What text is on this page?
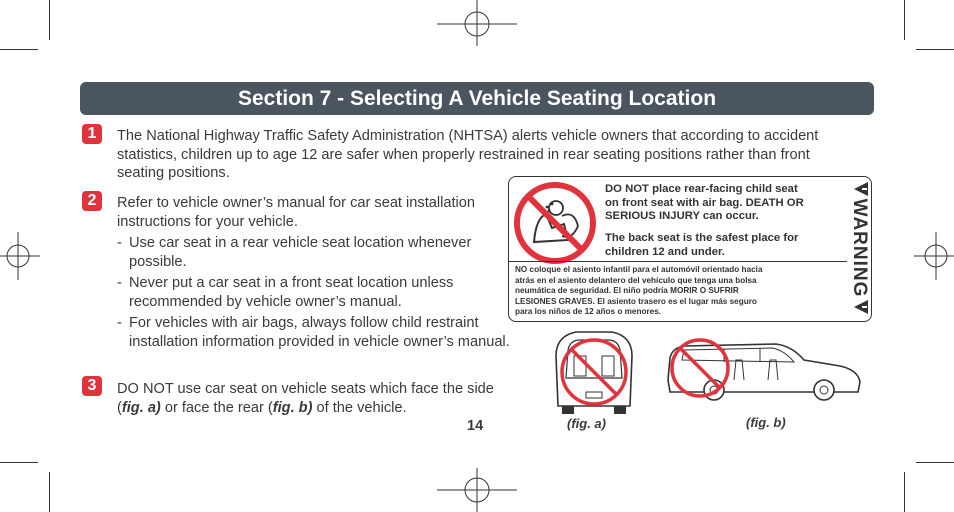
Section 7 - Selecting A Vehicle Seating Location
1	The National Highway Traffic Safety Administration (NHTSA) alerts vehicle owners that according to accident
statistics, children up to age 12 are safer when properly restrained in rear seating positions rather than front
seating positions.
2	Refer to vehicle owner’s manual for car seat installation
instructions for your vehicle.
- Use car seat in a rear vehicle seat location whenever
possible.
- Never put a car seat in a front seat location unless
recommended by vehicle owner’s manual.
- For vehicles with air bags, always follow child restraint
installation information provided in vehicle owner’s manual.
3	DO NOT use car seat on vehicle seats which face the side
(fig. a) or face the rear (fig. b) of the vehicle.
DO NOT place rear-facing child seat
on front seat with air bag. DEATH OR
SERIOUS INJURY can occur.
The back seat is the safest place for
children 12 and under.
NO coloque el asiento infantil para el automóvil orientado hacia
atrás en el asiento delantero del vehículo que tenga una bolsa
neumática de seguridad. El niño podría MORIR O SUFRIR
LESIONES GRAVES. El asiento trasero es el lugar más seguro
para los niños de 12 años o menores.
WARNING
(fig. a)	(fig. b)
14
